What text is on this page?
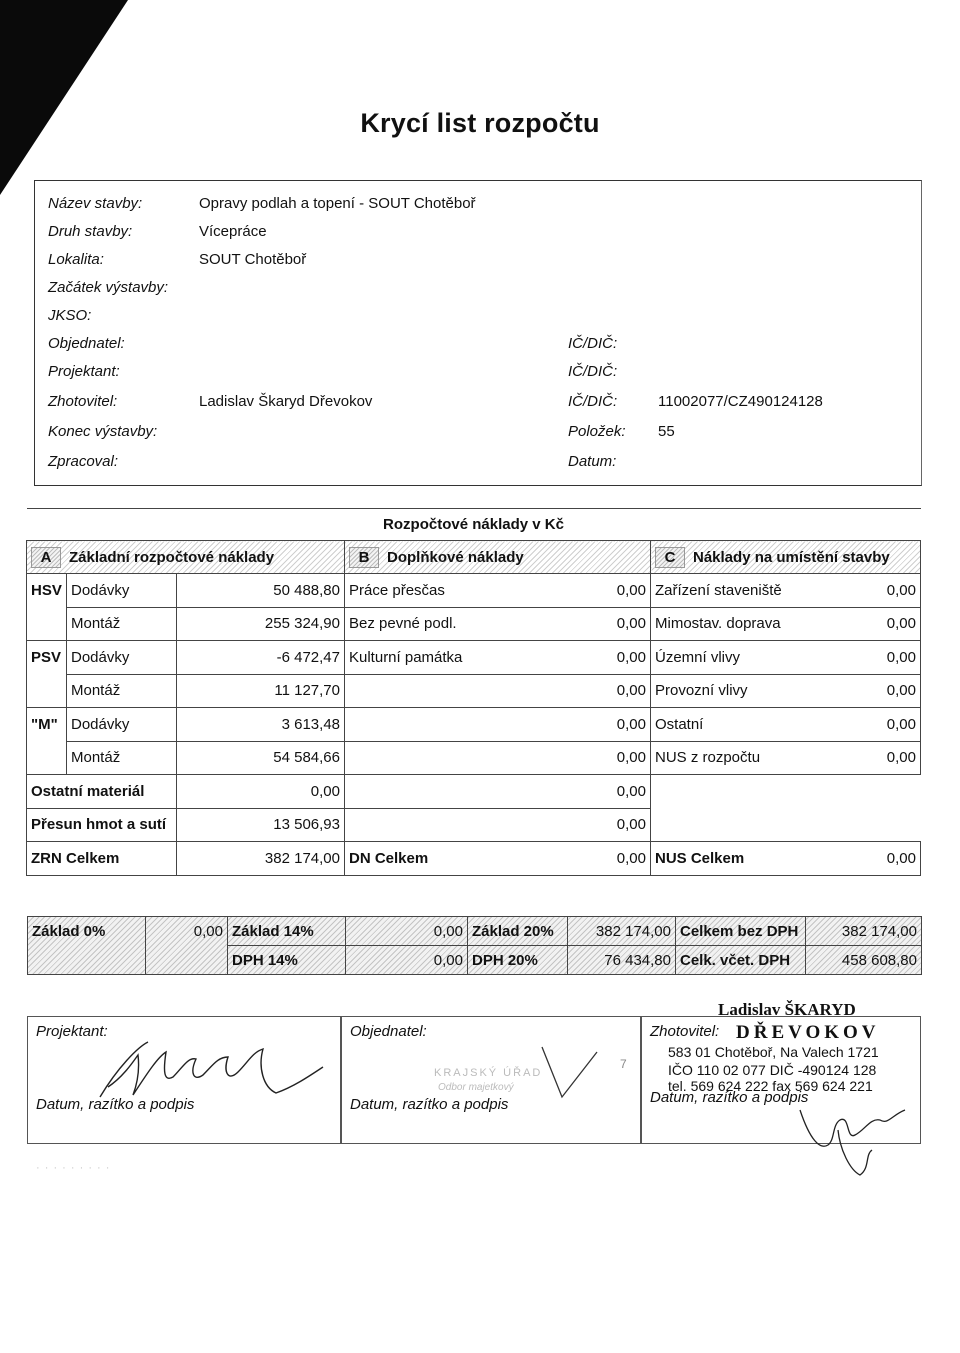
Krycí list rozpočtu
Název stavby:	Opravy podlah a topení - SOUT Chotěboř
Druh stavby:	Vícepráce
Lokalita:	SOUT Chotěboř
Začátek výstavby:
JKSO:
Objednatel:	IČ/DIČ:
Projektant:	IČ/DIČ:
Zhotovitel:	Ladislav Škaryd Dřevokov	IČ/DIČ:	11002077/CZ490124128
Konec výstavby:	Položek: 55
Zpracoval:	Datum:
Rozpočtové náklady v Kč						
A Základní rozpočtové náklady			B Doplňkové náklady		C Náklady na umístění stavby	
HSV	Dodávky	50 488,80	Práce přesčas	0,00	Zařízení staveniště	0,00
	Montáž	255 324,90	Bez pevné podl.	0,00	Mimostav. doprava	0,00
PSV	Dodávky	-6 472,47	Kulturní památka	0,00	Územní vlivy	0,00
	Montáž	11 127,70		0,00	Provozní vlivy	0,00
"M"	Dodávky	3 613,48		0,00	Ostatní	0,00
	Montáž	54 584,66		0,00	NUS z rozpočtu	0,00
Ostatní materiál		0,00		0,00		
Přesun hmot a sutí		13 506,93		0,00		
ZRN Celkem		382 174,00	DN Celkem	0,00	NUS Celkem	0,00
Základ 0%	0,00	Základ 14%	0,00	Základ 20%	382 174,00	Celkem bez DPH	382 174,00
		DPH 14%	0,00	DPH 20%	76 434,80	Celk. včet. DPH	458 608,80
Projektant:
Datum, razítko a podpis
Objednatel:
KRAJSKÝ ÚŘAD
Odbor majetkový
Datum, razítko a podpis
7
Zhotovitel:
Datum, razítko a podpis
Ladislav ŠKARYD
DŘEVOKOV
583 01 Chotěboř, Na Valech 1721
IČO 110 02 077 DIČ -490124 128
tel. 569 624 222 fax 569 624 221
· · · · · · · · ·
